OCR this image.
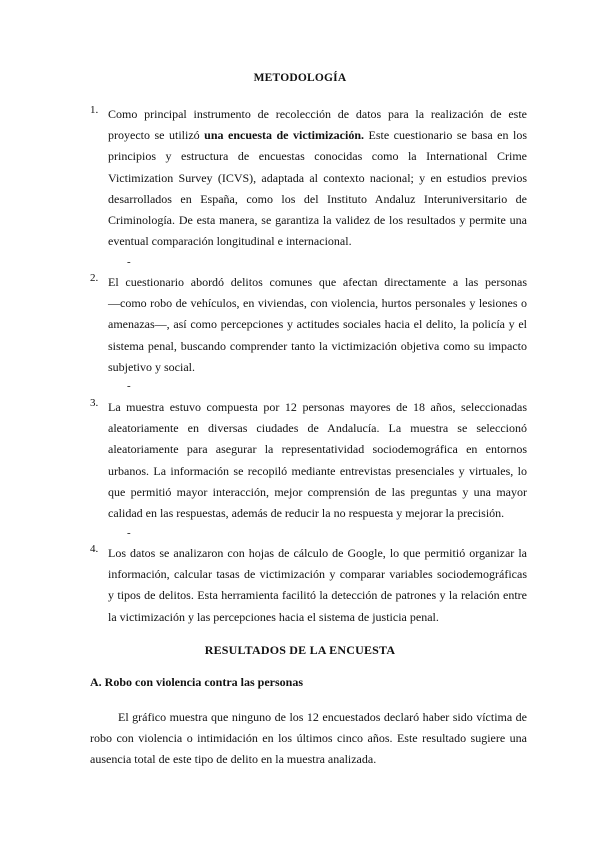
METODOLOGÍA
1. Como principal instrumento de recolección de datos para la realización de este
proyecto se utilizó una encuesta de victimización. Este cuestionario se basa en los
principios y estructura de encuestas conocidas como la International Crime
Victimization Survey (ICVS), adaptada al contexto nacional; y en estudios previos
desarrollados en España, como los del Instituto Andaluz Interuniversitario de
Criminología. De esta manera, se garantiza la validez de los resultados y permite una
eventual comparación longitudinal e internacional.
-
2. El cuestionario abordó delitos comunes que afectan directamente a las personas
—como robo de vehículos, en viviendas, con violencia, hurtos personales y lesiones o
amenazas—, así como percepciones y actitudes sociales hacia el delito, la policía y el
sistema penal, buscando comprender tanto la victimización objetiva como su impacto
subjetivo y social.
-
3. La muestra estuvo compuesta por 12 personas mayores de 18 años, seleccionadas
aleatoriamente en diversas ciudades de Andalucía. La muestra se seleccionó
aleatoriamente para asegurar la representatividad sociodemográfica en entornos
urbanos. La información se recopiló mediante entrevistas presenciales y virtuales, lo
que permitió mayor interacción, mejor comprensión de las preguntas y una mayor
calidad en las respuestas, además de reducir la no respuesta y mejorar la precisión.
-
4. Los datos se analizaron con hojas de cálculo de Google, lo que permitió organizar la
información, calcular tasas de victimización y comparar variables sociodemográficas
y tipos de delitos. Esta herramienta facilitó la detección de patrones y la relación entre
la victimización y las percepciones hacia el sistema de justicia penal.
RESULTADOS DE LA ENCUESTA
A. Robo con violencia contra las personas
El gráfico muestra que ninguno de los 12 encuestados declaró haber sido víctima de
robo con violencia o intimidación en los últimos cinco años. Este resultado sugiere una
ausencia total de este tipo de delito en la muestra analizada.
